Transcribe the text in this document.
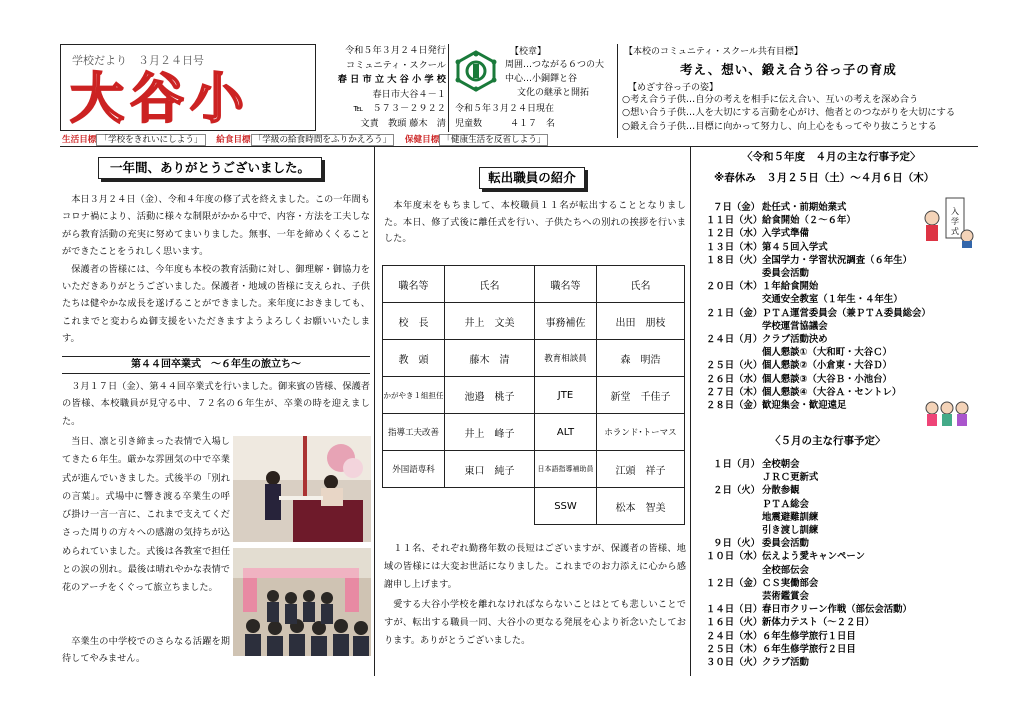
学校だより　３月２４日号
大谷小
令和５年３月２４日発行
コミュニティ・スクール
春 日 市 立 大 谷 小 学 校
春日市大谷４－１
℡　５７３－２９２２
文責　教頭 藤木　清
【校章】
周囲…つながる６つの大
中心…小銅鐸と谷
文化の継承と開拓
令和５年３月２４日現在
児童数	４１７　名
【本校のコミュニティ・スクール共有目標】
考え、想い、鍛え合う谷っ子の育成
【めざす谷っ子の姿】
○考え合う子供…自分の考えを相手に伝え合い、互いの考えを深め合う
○想い合う子供…人を大切にする言動を心がけ、他者とのつながりを大切にする
○鍛え合う子供…目標に向かって努力し、向上心をもってやり抜こうとする
生活目標 「学校をきれいにしよう」 給食目標 「学級の給食時間をふりかえろう」 保健目標 「健康生活を反省しよう」
一年間、ありがとうございました。

本日３月２４日（金）、令和４年度の修了式を終えました。この一年間もコロナ禍により、活動に様々な制限がかかる中で、内容・方法を工夫しながら教育活動の充実に努めてまいりました。無事、一年を締めくくることができたことをうれしく思います。

保護者の皆様には、今年度も本校の教育活動に対し、御理解・御協力をいただきありがとうございました。保護者・地域の皆様に支えられ、子供たちは健やかな成長を遂げることができました。来年度におきましても、これまでと変わらぬ御支援をいただきますようよろしくお願いいたします。

第４４回卒業式　～６年生の旅立ち～
３月１７日（金）、第４４回卒業式を行いました。御来賓の皆様、保護者の皆様、本校職員が見守る中、７２名の６年生が、卒業の時を迎えました。
当日、凛と引き締まった表情で入場してきた６年生。厳かな雰囲気の中で卒業式が進んでいきました。式後半の「別れの言葉」。式場中に響き渡る卒業生の呼び掛け一言一言に、これまで支えてくださった周りの方々への感謝の気持ちが込められていました。式後は各教室で担任との涙の別れ。最後は晴れやかな表情で花のアーチをくぐって旅立ちました。
卒業生の中学校でのさらなる活躍を期待してやみません。
転出職員の紹介
本年度末をもちまして、本校職員１１名が転出することとなりました。本日、修了式後に離任式を行い、子供たちへの別れの挨拶を行いました。
職名等	氏名	職名等	氏名
校　長	井上　文美	事務補佐	出田　朋枝
教　頭	藤木　清	教育相談員	森　明浩
かがやき１組担任	池邉　桃子	JTE	新堂　千佳子
指導工夫改善	井上　峰子	ALT	ホランド･トーマス
外国語専科	東口　純子	日本語指導補助員	江頭　祥子
		SSW	松本　智美
１１名、それぞれ勤務年数の長短はございますが、保護者の皆様、地域の皆様には大変お世話になりました。これまでのお力添えに心から感謝申し上げます。
愛する大谷小学校を離れなければならないことはとても悲しいことですが、転出する職員一同、大谷小の更なる発展を心より祈念いたしております。ありがとうございました。
〈令和５年度　４月の主な行事予定〉
※春休み　３月２５日（土）～４月６日（木）
７日（金） 赴任式・前期始業式
１１日（火） 給食開始（２～６年）
１２日（水） 入学式準備
１３日（木） 第４５回入学式
１８日（火） 全国学力・学習状況調査（６年生）
委員会活動
２０日（木） １年給食開始
交通安全教室（１年生・４年生）
２１日（金） ＰＴＡ運営委員会（兼ＰＴＡ委員総会）
学校運営協議会
２４日（月） クラブ活動決め
個人懇談①（大和町・大谷Ｃ）
２５日（火） 個人懇談②（小倉東・大谷Ｄ）
２６日（水） 個人懇談③（大谷Ｂ・小池台）
２７日（木） 個人懇談④（大谷Ａ・セントレ）
２８日（金） 歓迎集会・歓迎遠足
入
学
式
〈５月の主な行事予定〉
１日（月） 全校朝会
ＪＲＣ更新式
２日（火） 分散参観
ＰＴＡ総会
地震避難訓練
引き渡し訓練
９日（火） 委員会活動
１０日（水） 伝えよう愛キャンペーン
全校部伝会
１２日（金） ＣＳ実働部会
芸術鑑賞会
１４日（日） 春日市クリーン作戦（部伝会活動）
１６日（火） 新体力テスト（～２２日）
２４日（水） ６年生修学旅行１日目
２５日（木） ６年生修学旅行２日目
３０日（火） クラブ活動
